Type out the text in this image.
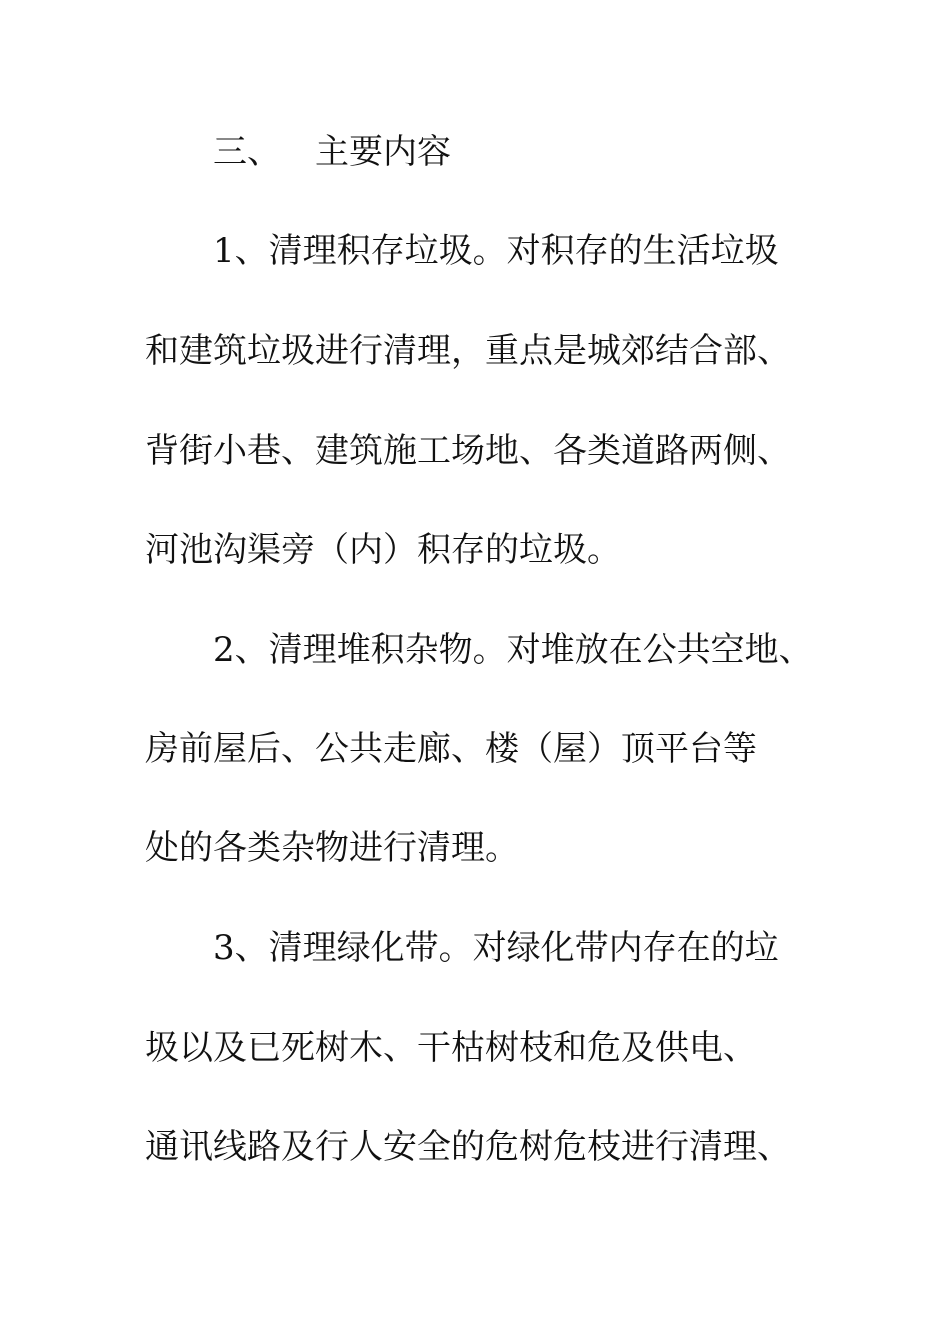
三、 主要内容
1、清理积存垃圾。对积存的生活垃圾
和建筑垃圾进行清理，重点是城郊结合部、
背街小巷、建筑施工场地、各类道路两侧、
河池沟渠旁（内）积存的垃圾。
2、清理堆积杂物。对堆放在公共空地、
房前屋后、公共走廊、楼（屋）顶平台等
处的各类杂物进行清理。
3、清理绿化带。对绿化带内存在的垃
圾以及已死树木、干枯树枝和危及供电、
通讯线路及行人安全的危树危枝进行清理、
